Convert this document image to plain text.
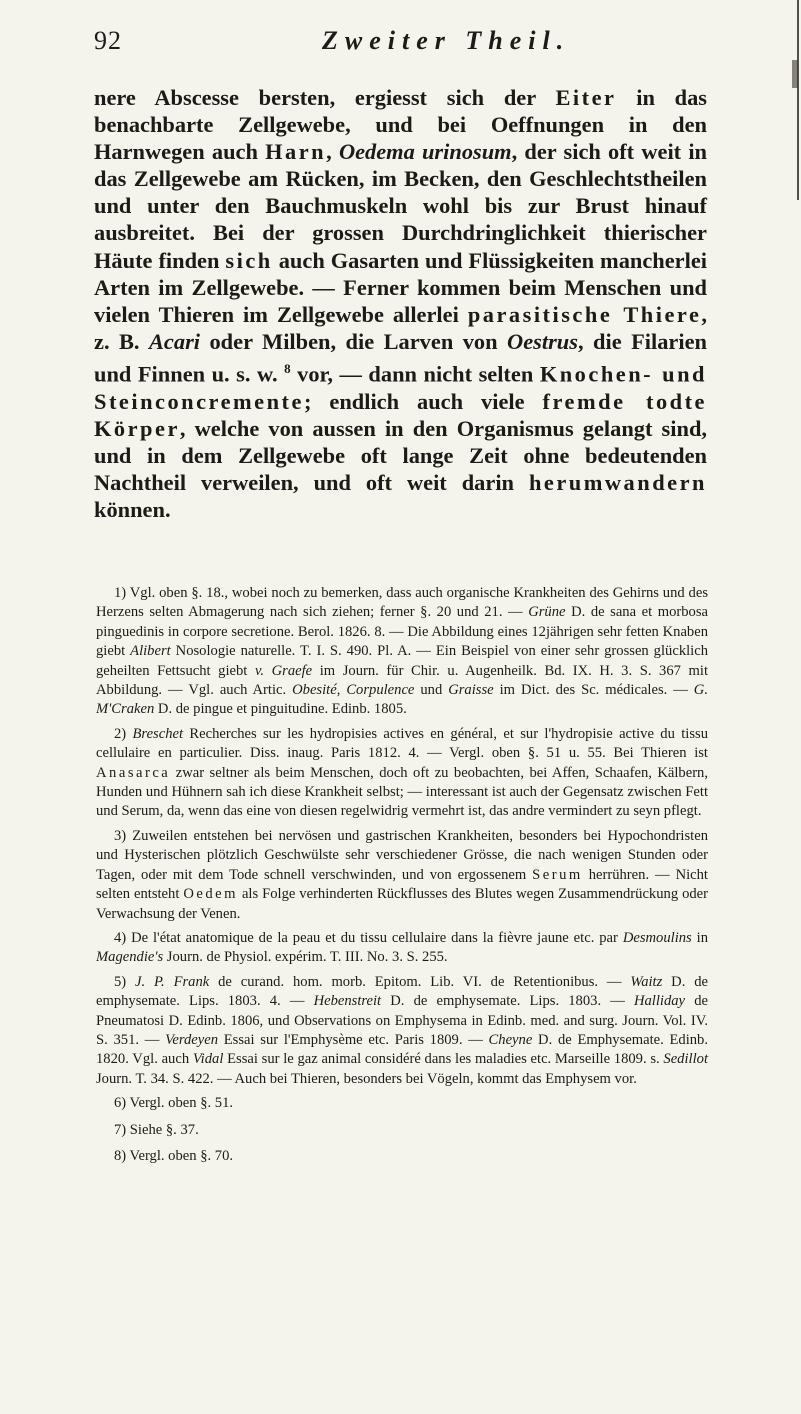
92	Zweiter Theil.

nere Abscesse bersten, ergiesst sich der Eiter in das benachbarte Zellgewebe, und bei Oeffnungen in den Harnwegen auch Harn, Oedema urinosum, der sich oft weit in das Zellgewebe am Rücken, im Becken, den Geschlechtstheilen und unter den Bauchmuskeln wohl bis zur Brust hinauf ausbreitet. Bei der grossen Durchdringlichkeit thierischer Häute finden sich auch Gasarten und Flüssigkeiten mancherlei Arten im Zellgewebe. — Ferner kommen beim Menschen und vielen Thieren im Zellgewebe allerlei parasitische Thiere, z. B. Acari oder Milben, die Larven von Oestrus, die Filarien und Finnen u. s. w. $^8$ vor, — dann nicht selten Knochen- und Steinconcremente; endlich auch viele fremde todte Körper, welche von aussen in den Organismus gelangt sind, und in dem Zellgewebe oft lange Zeit ohne bedeutenden Nachtheil verweilen, und oft weit darin herumwandern können.

1) Vgl. oben §. 18., wobei noch zu bemerken, dass auch organische Krankheiten des Gehirns und des Herzens selten Abmagerung nach sich ziehen; ferner §. 20 und 21. — Grüne D. de sana et morbosa pinguedinis in corpore secretione. Berol. 1826. 8. — Die Abbildung eines 12jährigen sehr fetten Knaben giebt Alibert Nosologie naturelle. T. I. S. 490. Pl. A. — Ein Beispiel von einer sehr grossen glücklich geheilten Fettsucht giebt v. Graefe im Journ. für Chir. u. Augenheilk. Bd. IX. H. 3. S. 367 mit Abbildung. — Vgl. auch Artic. Obesité, Corpulence und Graisse im Dict. des Sc. médicales. — G. M'Craken D. de pingue et pinguitudine. Edinb. 1805.

2) Breschet Recherches sur les hydropisies actives en général, et sur l'hydropisie active du tissu cellulaire en particulier. Diss. inaug. Paris 1812. 4. — Vergl. oben §. 51 u. 55. Bei Thieren ist Anasarca zwar seltner als beim Menschen, doch oft zu beobachten, bei Affen, Schaafen, Kälbern, Hunden und Hühnern sah ich diese Krankheit selbst; — interessant ist auch der Gegensatz zwischen Fett und Serum, da, wenn das eine von diesen regelwidrig vermehrt ist, das andre vermindert zu seyn pflegt.

3) Zuweilen entstehen bei nervösen und gastrischen Krankheiten, besonders bei Hypochondristen und Hysterischen plötzlich Geschwülste sehr verschiedener Grösse, die nach wenigen Stunden oder Tagen, oder mit dem Tode schnell verschwinden, und von ergossenem Serum herrühren. — Nicht selten entsteht Oedem als Folge verhinderten Rückflusses des Blutes wegen Zusammendrückung oder Verwachsung der Venen.

4) De l'état anatomique de la peau et du tissu cellulaire dans la fièvre jaune etc. par Desmoulins in Magendie's Journ. de Physiol. expérim. T. III. No. 3. S. 255.

5) J. P. Frank de curand. hom. morb. Epitom. Lib. VI. de Retentionibus. — Waitz D. de emphysemate. Lips. 1803. 4. — Hebenstreit D. de emphysemate. Lips. 1803. — Halliday de Pneumatosi D. Edinb. 1806, und Observations on Emphysema in Edinb. med. and surg. Journ. Vol. IV. S. 351. — Verdeyen Essai sur l'Emphysème etc. Paris 1809. — Cheyne D. de Emphysemate. Edinb. 1820. Vgl. auch Vidal Essai sur le gaz animal considéré dans les maladies etc. Marseille 1809. s. Sedillot Journ. T. 34. S. 422. — Auch bei Thieren, besonders bei Vögeln, kommt das Emphysem vor.

6) Vergl. oben §. 51.

7) Siehe §. 37.

8) Vergl. oben §. 70.
